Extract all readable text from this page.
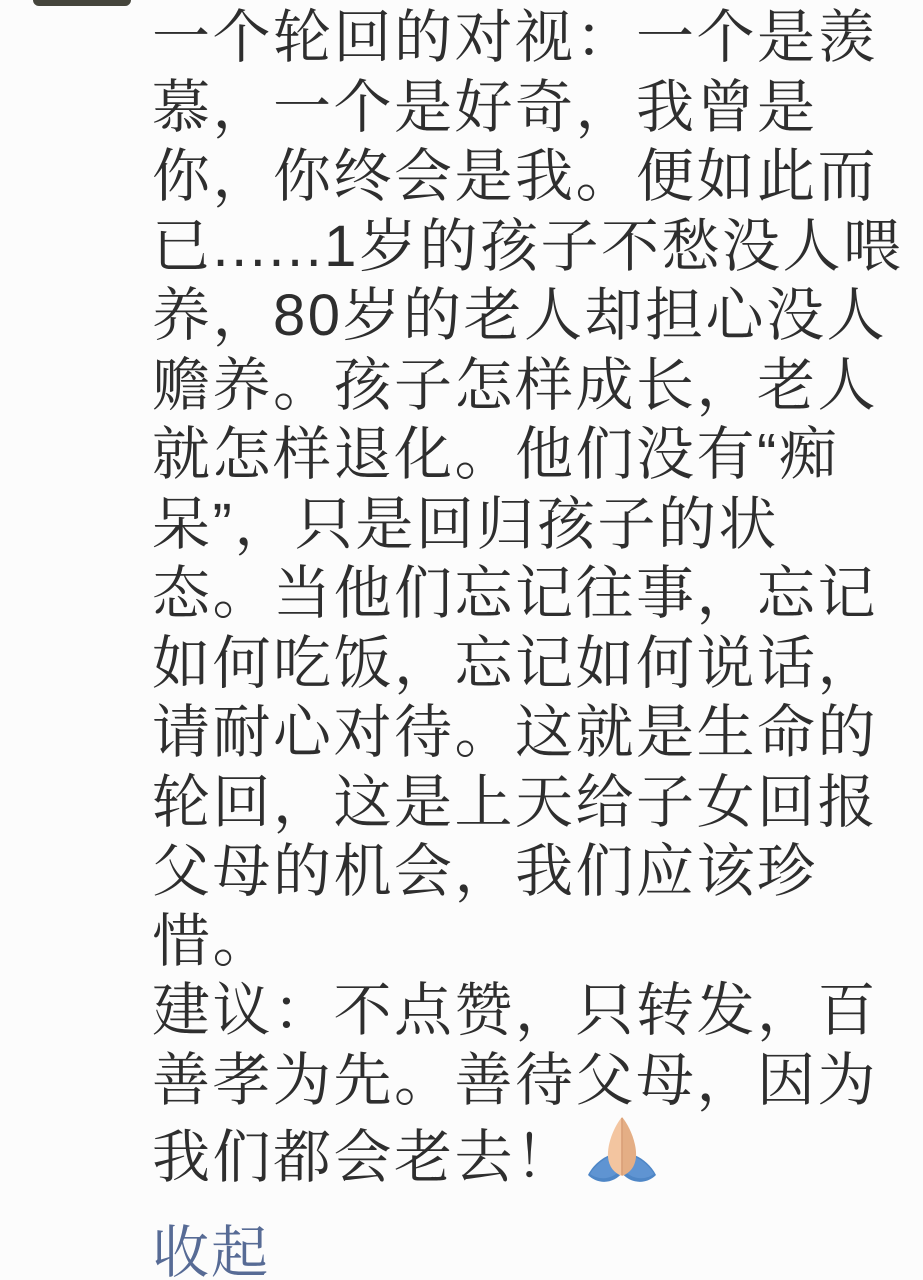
一个轮回的对视：一个是羡
慕，一个是好奇，我曾是
你，你终会是我。便如此而
已......1岁的孩子不愁没人喂
养，80岁的老人却担心没人
赡养。孩子怎样成长，老人
就怎样退化。他们没有“痴
呆”，只是回归孩子的状
态。当他们忘记往事，忘记
如何吃饭，忘记如何说话，
请耐心对待。这就是生命的
轮回，这是上天给子女回报
父母的机会，我们应该珍
惜。
建议：不点赞，只转发，百
善孝为先。善待父母，因为
我们都会老去！
收起
